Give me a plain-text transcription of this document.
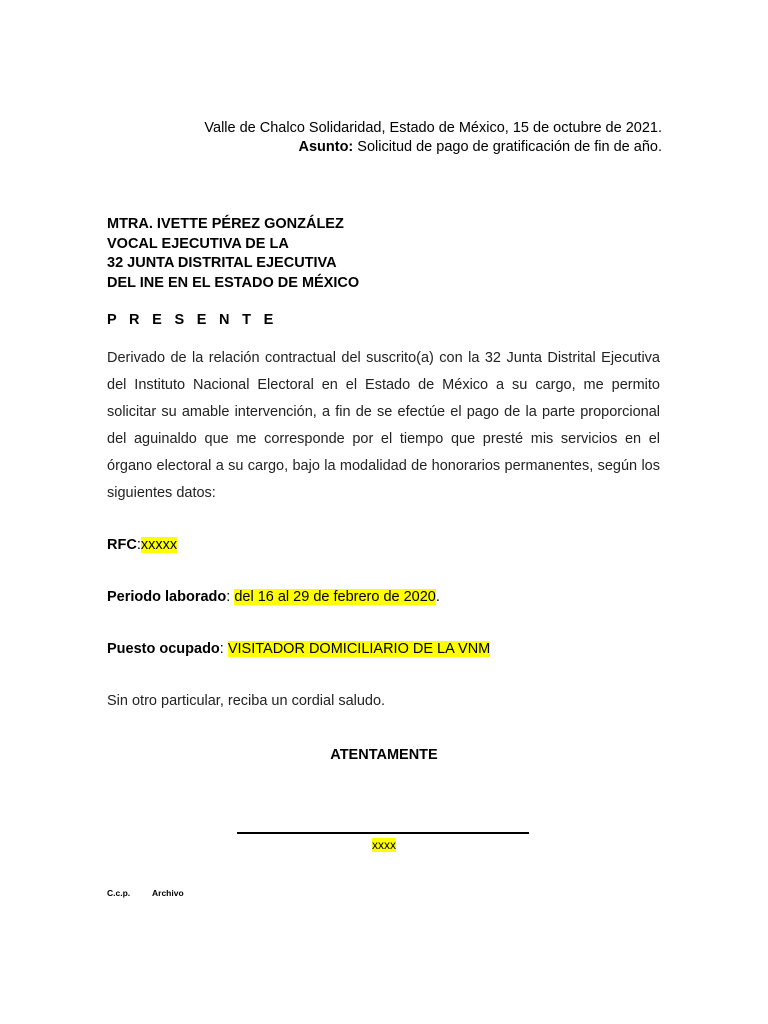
Valle de Chalco Solidaridad, Estado de México, 15 de octubre de 2021.
Asunto: Solicitud de pago de gratificación de fin de año.
MTRA. IVETTE PÉREZ GONZÁLEZ
VOCAL EJECUTIVA DE LA
32 JUNTA DISTRITAL EJECUTIVA
DEL INE EN EL ESTADO DE MÉXICO
P R E S E N T E
Derivado de la relación contractual del suscrito(a) con la 32 Junta Distrital Ejecutiva del Instituto Nacional Electoral en el Estado de México a su cargo, me permito solicitar su amable intervención, a fin de se efectúe el pago de la parte proporcional del aguinaldo que me corresponde por el tiempo que presté mis servicios en el órgano electoral a su cargo, bajo la modalidad de honorarios permanentes, según los siguientes datos:
RFC:xxxxx
Periodo laborado: del 16 al 29 de febrero de 2020.
Puesto ocupado: VISITADOR DOMICILIARIO DE LA VNM
Sin otro particular, reciba un cordial saludo.
ATENTAMENTE
xxxx
C.c.p.	Archivo
